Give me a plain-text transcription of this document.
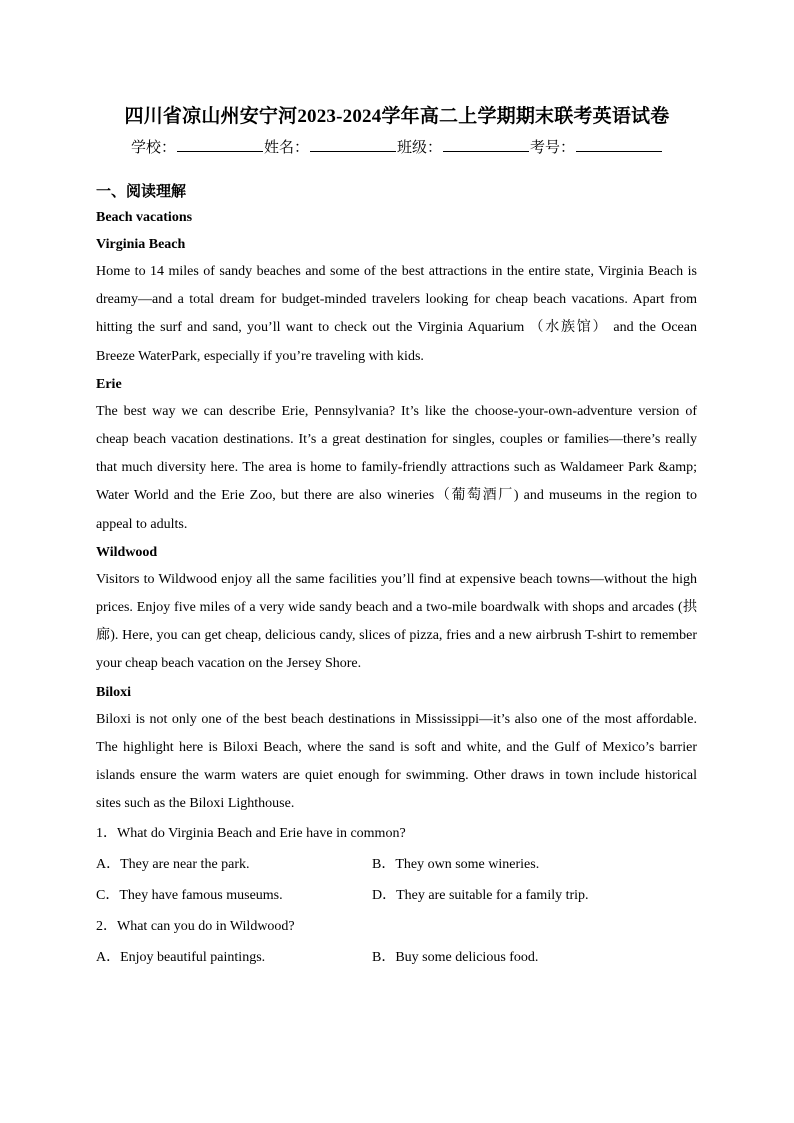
四川省凉山州安宁河2023-2024学年高二上学期期末联考英语试卷
学校：	姓名：	班级：	考号：
一、阅读理解
Beach vacations
Virginia Beach

Home to 14 miles of sandy beaches and some of the best attractions in the entire state, Virginia Beach is dreamy—and a total dream for budget-minded travelers looking for cheap beach vacations. Apart from hitting the surf and sand, you’ll want to check out the Virginia Aquarium （水族馆） and the Ocean Breeze WaterPark, especially if you’re traveling with kids.

Erie

The best way we can describe Erie, Pennsylvania? It’s like the choose-your-own-adventure version of cheap beach vacation destinations. It’s a great destination for singles, couples or families—there’s really that much diversity here. The area is home to family-friendly attractions such as Waldameer Park &amp; Water World and the Erie Zoo, but there are also wineries（葡萄酒厂) and museums in the region to appeal to adults.

Wildwood

Visitors to Wildwood enjoy all the same facilities you’ll find at expensive beach towns—without the high prices. Enjoy five miles of a very wide sandy beach and a two-mile boardwalk with shops and arcades (拱廊). Here, you can get cheap, delicious candy, slices of pizza, fries and a new airbrush T-shirt to remember your cheap beach vacation on the Jersey Shore.

Biloxi

Biloxi is not only one of the best beach destinations in Mississippi—it’s also one of the most affordable. The highlight here is Biloxi Beach, where the sand is soft and white, and the Gulf of Mexico’s barrier islands ensure the warm waters are quiet enough for swimming. Other draws in town include historical sites such as the Biloxi Lighthouse.

1．What do Virginia Beach and Erie have in common?
A．They are near the park.	B．They own some wineries.
C．They have famous museums.	D．They are suitable for a family trip.
2．What can you do in Wildwood?
A．Enjoy beautiful paintings.	B．Buy some delicious food.
